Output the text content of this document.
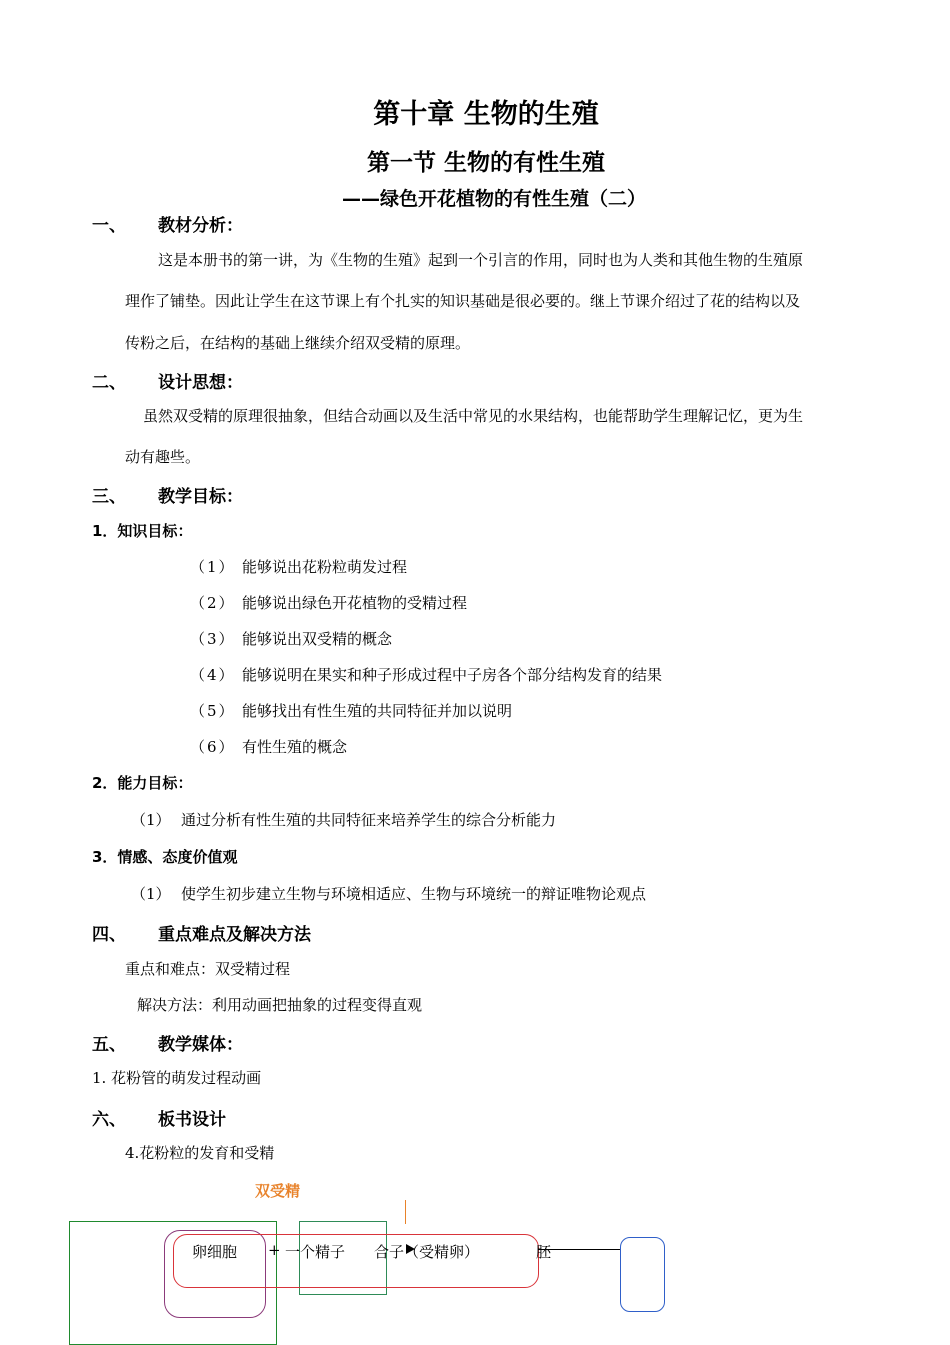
第十章 生物的生殖
第一节 生物的有性生殖
——绿色开花植物的有性生殖（二）
一、 教材分析：
这是本册书的第一讲，为《生物的生殖》起到一个引言的作用，同时也为人类和其他生物的生殖原
理作了铺垫。因此让学生在这节课上有个扎实的知识基础是很必要的。继上节课介绍过了花的结构以及
传粉之后，在结构的基础上继续介绍双受精的原理。
二、 设计思想：
虽然双受精的原理很抽象，但结合动画以及生活中常见的水果结构，也能帮助学生理解记忆，更为生
动有趣些。
三、 教学目标：
1．知识目标：
（1） 能够说出花粉粒萌发过程
（2） 能够说出绿色开花植物的受精过程
（3） 能够说出双受精的概念
（4） 能够说明在果实和种子形成过程中子房各个部分结构发育的结果
（5） 能够找出有性生殖的共同特征并加以说明
（6） 有性生殖的概念
2．能力目标：
（1） 通过分析有性生殖的共同特征来培养学生的综合分析能力
3．情感、态度价值观
（1） 使学生初步建立生物与环境相适应、生物与环境统一的辩证唯物论观点
四、 重点难点及解决方法
重点和难点：双受精过程
解决方法：利用动画把抽象的过程变得直观
五、 教学媒体：
1. 花粉管的萌发过程动画
六、 板书设计
4.花粉粒的发育和受精
双受精
卵细胞 + 一个精子 合子（受精卵）	胚
